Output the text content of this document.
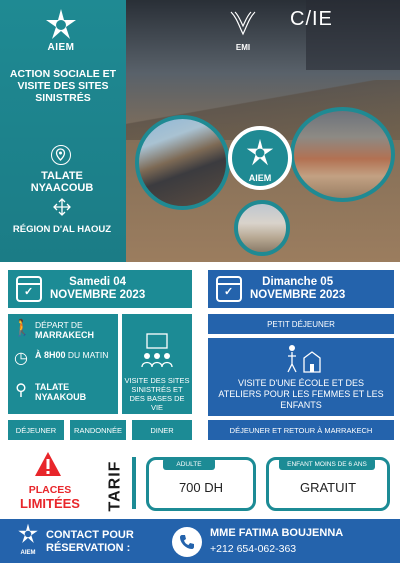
AIEM
ACTION SOCIALE ET VISITE DES SITES SINISTRÉS
TALATE NYAACOUB
RÉGION D'AL HAOUZ
EMI
C/IE
AIEM
✓
Samedi 04
NOVEMBRE 2023
✓
Dimanche 05
NOVEMBRE 2023
🚶 DÉPART DE
MARRAKECH
◷ À 8H00 DU MATIN
⚲ TALATE NYAAKOUB
VISITE DES SITES SINISTRÉS ET DES BASES DE VIE
DÉJEUNER	RANDONNÉE	DINER
PETIT DÉJEUNER
VISITE D'UNE ÉCOLE ET DES ATELIERS POUR LES FEMMES ET LES ENFANTS
DÉJEUNER ET RETOUR À MARRAKECH
PLACES
LIMITÉES	TARIF	ADULTE
700 DH
ENFANT MOINS DE 6 ANS
GRATUIT
AIEM
CONTACT POUR RÉSERVATION :
MME FATIMA BOUJENNA
+212 654-062-363
